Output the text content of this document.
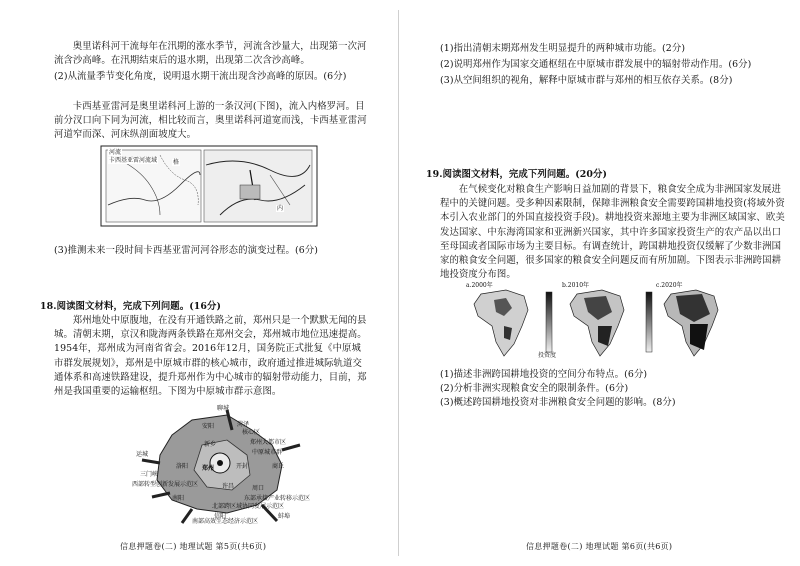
奥里诺科河干流每年在汛期的涨水季节，河流含沙量大，出现第一次河流含沙高峰。在汛期结束后的退水期，出现第二次含沙高峰。
(2)从流量季节变化角度，说明退水期干流出现含沙高峰的原因。(6分)
卡西基亚雷河是奥里诺科河上游的一条汉河(下图)，流入内格罗河。目前分汊口向下同为河流，相比较而言，奥里诺科河道宽而浅，卡西基亚雷河河道窄而深、河床纵剖面坡度大。
河流
卡西基亚雷河流域	格
内
(3)推测未来一段时间卡西基亚雷河河谷形态的演变过程。(6分)
18.阅读图文材料，完成下列问题。(16分)
郑州地处中原腹地，在没有开通铁路之前，郑州只是一个默默无闻的县城。清朝末期，京汉和陇海两条铁路在郑州交会，郑州城市地位迅速提高。1954年，郑州成为河南省省会。2016年12月，国务院正式批复《中原城市群发展规划》，郑州是中原城市群的核心城市，政府通过推进城际轨道交通体系和高速铁路建设，提升郑州作为中心城市的辐射带动能力，目前，郑州是我国重要的运输枢纽。下图为中原城市群示意图。
聊城
菏泽
安阳
新乡
郑州	开封
洛阳
许昌	周口
运城
三门峡
南阳
信阳
商丘
蚌埠
核心区
郑州大都市区
中原城市群
西部转型创新发展示范区
东部承接产业转移示范区
北部跨区域协同发展示范区
南部高效生态经济示范区
信息押题卷(二) 地理试题 第5页(共6页)
(1)指出清朝末期郑州发生明显提升的两种城市功能。(2分)
(2)说明郑州作为国家交通枢纽在中原城市群发展中的辐射带动作用。(6分)
(3)从空间组织的视角，解释中原城市群与郑州的相互依存关系。(8分)
19.阅读图文材料，完成下列问题。(20分)
在气候变化对粮食生产影响日益加剧的背景下，粮食安全成为非洲国家发展进程中的关键问题。受多种因素限制，保障非洲粮食安全需要跨国耕地投资(将域外资本引入农业部门的外国直接投资手段)。耕地投资来源地主要为非洲区域国家、欧美发达国家、中东海湾国家和亚洲新兴国家，其中许多国家投资生产的农产品以出口至母国或者国际市场为主要目标。有调查统计，跨国耕地投资仅缓解了少数非洲国家的粮食安全问题，很多国家的粮食安全问题反而有所加剧。下图表示非洲跨国耕地投资度分布图。
a.2000年	b.2010年	c.2020年
投资度
(1)描述非洲跨国耕地投资的空间分布特点。(6分)
(2)分析非洲实现粮食安全的限制条件。(6分)
(3)概述跨国耕地投资对非洲粮食安全问题的影响。(8分)
信息押题卷(二) 地理试题 第6页(共6页)
